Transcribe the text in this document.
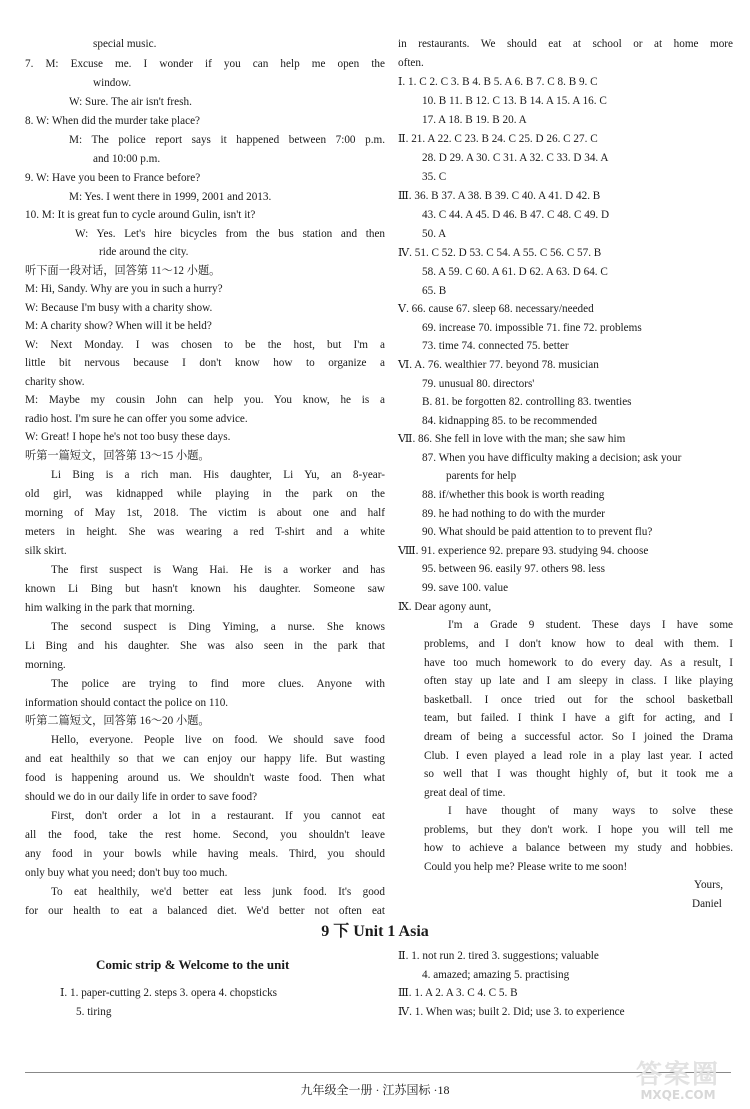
special music.
7. M: Excuse me. I wonder if you can help me open the
window.
W: Sure. The air isn't fresh.
8. W: When did the murder take place?
M: The police report says it happened between 7:00 p.m.
and 10:00 p.m.
9. W: Have you been to France before?
M: Yes. I went there in 1999, 2001 and 2013.
10. M: It is great fun to cycle around Gulin, isn't it?
W: Yes. Let's hire bicycles from the bus station and then
ride around the city.
听下面一段对话，回答第 11～12 小题。
M: Hi, Sandy. Why are you in such a hurry?
W: Because I'm busy with a charity show.
M: A charity show? When will it be held?
W: Next Monday. I was chosen to be the host, but I'm a
little bit nervous because I don't know how to organize a
charity show.
M: Maybe my cousin John can help you. You know, he is a
radio host. I'm sure he can offer you some advice.
W: Great! I hope he's not too busy these days.
听第一篇短文，回答第 13～15 小题。
Li Bing is a rich man. His daughter, Li Yu, an 8-year-
old girl, was kidnapped while playing in the park on the
morning of May 1st, 2018. The victim is about one and half
meters in height. She was wearing a red T-shirt and a white
silk skirt.
The first suspect is Wang Hai. He is a worker and has
known Li Bing but hasn't known his daughter. Someone saw
him walking in the park that morning.
The second suspect is Ding Yiming, a nurse. She knows
Li Bing and his daughter. She was also seen in the park that
morning.
The police are trying to find more clues. Anyone with
information should contact the police on 110.
听第二篇短文，回答第 16～20 小题。
Hello, everyone. People live on food. We should save food
and eat healthily so that we can enjoy our happy life. But wasting
food is happening around us. We shouldn't waste food. Then what
should we do in our daily life in order to save food?
First, don't order a lot in a restaurant. If you cannot eat
all the food, take the rest home. Second, you shouldn't leave
any food in your bowls while having meals. Third, you should
only buy what you need; don't buy too much.
To eat healthily, we'd better eat less junk food. It's good
for our health to eat a balanced diet. We'd better not often eat
in restaurants. We should eat at school or at home more
often.
Ⅰ. 1. C 2. C 3. B 4. B 5. A 6. B 7. C 8. B 9. C
10. B 11. B 12. C 13. B 14. A 15. A 16. C
17. A 18. B 19. B 20. A
Ⅱ. 21. A 22. C 23. B 24. C 25. D 26. C 27. C
28. D 29. A 30. C 31. A 32. C 33. D 34. A
35. C
Ⅲ. 36. B 37. A 38. B 39. C 40. A 41. D 42. B
43. C 44. A 45. D 46. B 47. C 48. C 49. D
50. A
Ⅳ. 51. C 52. D 53. C 54. A 55. C 56. C 57. B
58. A 59. C 60. A 61. D 62. A 63. D 64. C
65. B
Ⅴ. 66. cause 67. sleep 68. necessary/needed
69. increase 70. impossible 71. fine 72. problems
73. time 74. connected 75. better
Ⅵ. A. 76. wealthier 77. beyond 78. musician
79. unusual 80. directors'
B. 81. be forgotten 82. controlling 83. twenties
84. kidnapping 85. to be recommended
Ⅶ. 86. She fell in love with the man; she saw him
87. When you have difficulty making a decision; ask your
parents for help
88. if/whether this book is worth reading
89. he had nothing to do with the murder
90. What should be paid attention to to prevent flu?
Ⅷ. 91. experience 92. prepare 93. studying 94. choose
95. between 96. easily 97. others 98. less
99. save 100. value
Ⅸ. Dear agony aunt,
I'm a Grade 9 student. These days I have some
problems, and I don't know how to deal with them. I
have too much homework to do every day. As a result, I
often stay up late and I am sleepy in class. I like playing
basketball. I once tried out for the school basketball
team, but failed. I think I have a gift for acting, and I
dream of being a successful actor. So I joined the Drama
Club. I even played a lead role in a play last year. I acted
so well that I was thought highly of, but it took me a
great deal of time.
I have thought of many ways to solve these
problems, but they don't work. I hope you will tell me
how to achieve a balance between my study and hobbies.
Could you help me? Please write to me soon!
Yours,
Daniel
9 下 Unit 1 Asia
Comic strip & Welcome to the unit
Ⅰ. 1. paper-cutting 2. steps 3. opera 4. chopsticks
5. tiring
Ⅱ. 1. not run 2. tired 3. suggestions; valuable
4. amazed; amazing 5. practising
Ⅲ. 1. A 2. A 3. C 4. C 5. B
Ⅳ. 1. When was; built 2. Did; use 3. to experience
九年级全一册 · 江苏国标 ·18	答案圈
MXQE.COM
